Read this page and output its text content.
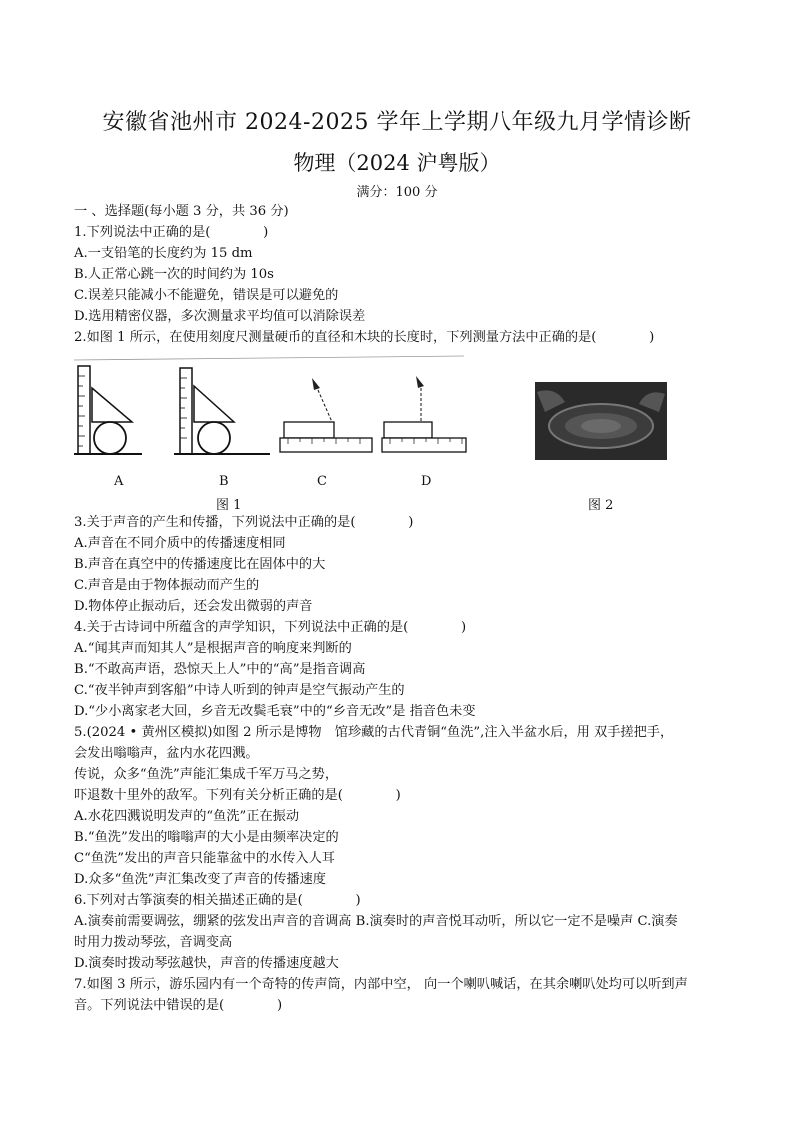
安徽省池州市 2024-2025 学年上学期八年级九月学情诊断
物理（2024 沪粤版）
满分：100 分
一 、选择题(每小题 3 分，共 36 分)
1.下列说法中正确的是(　　　　)
A.一支铅笔的长度约为 15 dm
B.人正常心跳一次的时间约为 10s
C.误差只能减小不能避免，错误是可以避免的
D.选用精密仪器，多次测量求平均值可以消除误差
2.如图 1 所示，在使用刻度尺测量硬币的直径和木块的长度时，下列测量方法中正确的是(　　　　)
A	B	C	D
图 1	图 2
3.关于声音的产生和传播，下列说法中正确的是(　　　　)
A.声音在不同介质中的传播速度相同
B.声音在真空中的传播速度比在固体中的大
C.声音是由于物体振动而产生的
D.物体停止振动后，还会发出微弱的声音
4.关于古诗词中所蕴含的声学知识，下列说法中正确的是(　　　　)
A.“闻其声而知其人”是根据声音的响度来判断的
B.“不敢高声语，恐惊天上人”中的“高”是指音调高
C.“夜半钟声到客船”中诗人听到的钟声是空气振动产生的
D.“少小离家老大回，乡音无改鬓毛衰”中的“乡音无改”是 指音色未变
5.(2024 • 黄州区模拟)如图 2 所示是博物　馆珍藏的古代青铜“鱼洗”,注入半盆水后，用 双手搓把手，
会发出嗡嗡声，盆内水花四溅。
传说，众多“鱼洗”声能汇集成千军万马之势，
吓退数十里外的敌军。下列有关分析正确的是(　　　　)
A.水花四溅说明发声的“鱼洗”正在振动
B.“鱼洗”发出的嗡嗡声的大小是由频率决定的
C“鱼洗”发出的声音只能靠盆中的水传入人耳
D.众多“鱼洗”声汇集改变了声音的传播速度
6.下列对古筝演奏的相关描述正确的是(　　　　)
A.演奏前需要调弦，绷紧的弦发出声音的音调高 B.演奏时的声音悦耳动听，所以它一定不是噪声 C.演奏
时用力拨动琴弦，音调变高
D.演奏时拨动琴弦越快，声音的传播速度越大
7.如图 3 所示，游乐园内有一个奇特的传声筒，内部中空， 向一个喇叭喊话，在其余喇叭处均可以听到声
音。下列说法中错误的是(　　　　)
